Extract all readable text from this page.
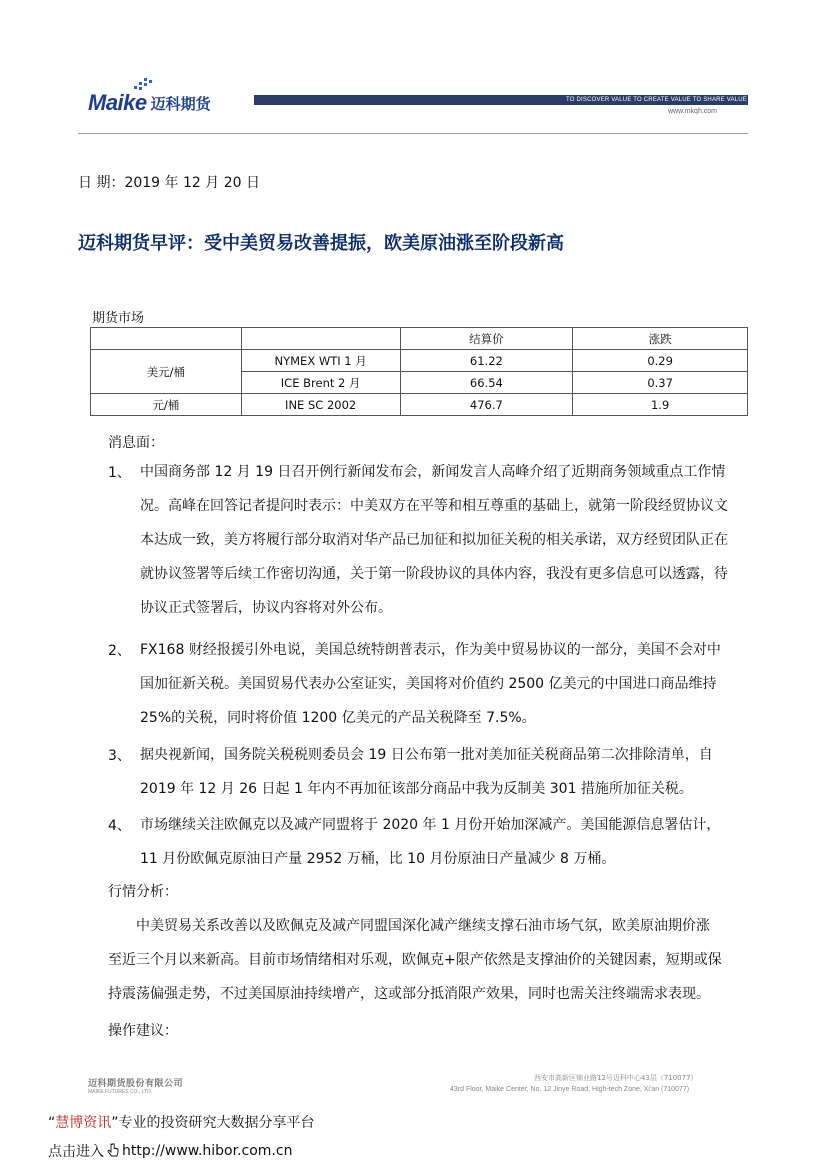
Maike 迈科期货	TO DISCOVER VALUE TO CREATE VALUE TO SHARE VALUE
www.mkqh.com
日 期：2019 年 12 月 20 日
迈科期货早评：受中美贸易改善提振，欧美原油涨至阶段新高
期货市场
		结算价	涨跌
美元/桶	NYMEX WTI 1 月	61.22	0.29
	ICE Brent 2 月	66.54	0.37
元/桶	INE SC 2002	476.7	1.9
消息面：
1、 中国商务部 12 月 19 日召开例行新闻发布会，新闻发言人高峰介绍了近期商务领域重点工作情
况。高峰在回答记者提问时表示：中美双方在平等和相互尊重的基础上，就第一阶段经贸协议文
本达成一致，美方将履行部分取消对华产品已加征和拟加征关税的相关承诺，双方经贸团队正在
就协议签署等后续工作密切沟通，关于第一阶段协议的具体内容，我没有更多信息可以透露，待
协议正式签署后，协议内容将对外公布。
2、 FX168 财经报援引外电说，美国总统特朗普表示，作为美中贸易协议的一部分，美国不会对中
国加征新关税。美国贸易代表办公室证实，美国将对价值约 2500 亿美元的中国进口商品维持
25%的关税，同时将价值 1200 亿美元的产品关税降至 7.5%。
3、 据央视新闻，国务院关税税则委员会 19 日公布第一批对美加征关税商品第二次排除清单，自
2019 年 12 月 26 日起 1 年内不再加征该部分商品中我为反制美 301 措施所加征关税。
4、 市场继续关注欧佩克以及减产同盟将于 2020 年 1 月份开始加深减产。美国能源信息署估计，
11 月份欧佩克原油日产量 2952 万桶，比 10 月份原油日产量减少 8 万桶。
行情分析：
中美贸易关系改善以及欧佩克及减产同盟国深化减产继续支撑石油市场气氛，欧美原油期价涨
至近三个月以来新高。目前市场情绪相对乐观，欧佩克+限产依然是支撑油价的关键因素，短期或保
持震荡偏强走势，不过美国原油持续增产，这或部分抵消限产效果，同时也需关注终端需求表现。
操作建议：
迈科期货股份有限公司
MAIKE FUTURES CO., LTD.
西安市高新区锦业路12号迈科中心43层（710077）
43rd Floor, Maike Center, No. 12 Jinye Road, High-tech Zone, Xi'an (710077)
“慧博资讯”专业的投资研究大数据分享平台
点击进入 http://www.hibor.com.cn
